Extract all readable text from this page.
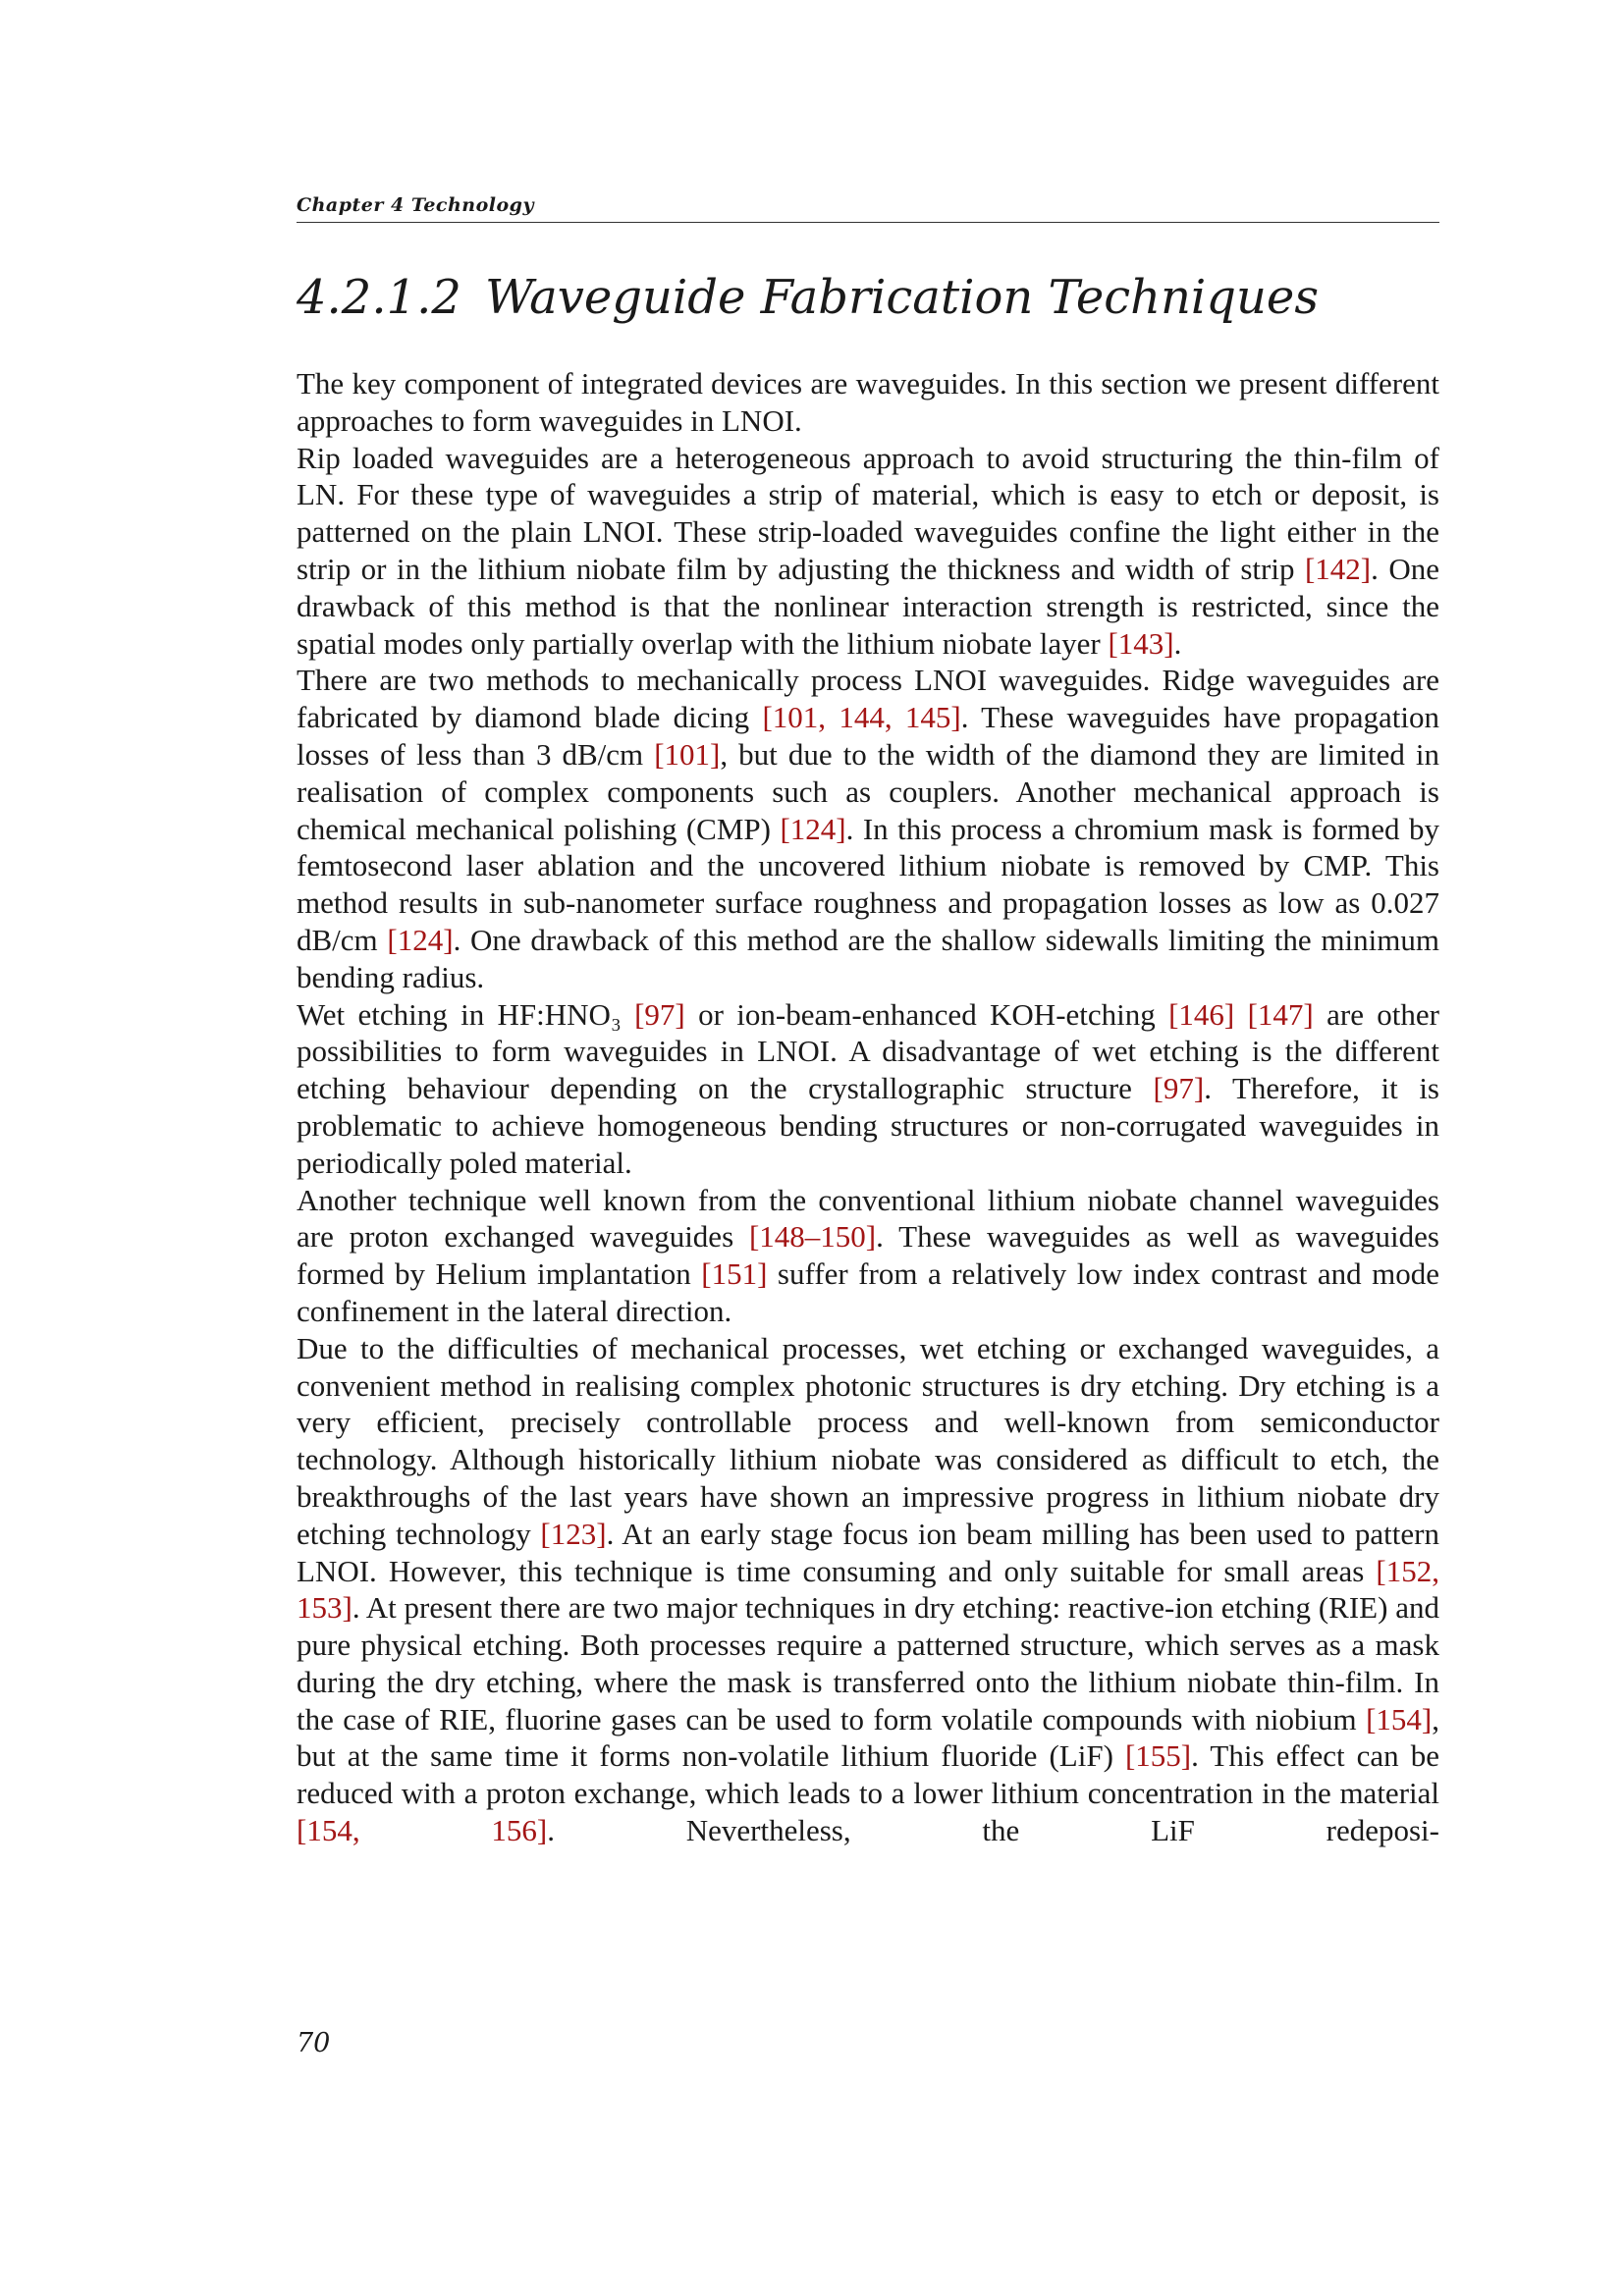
Chapter 4 Technology
4.2.1.2 Waveguide Fabrication Techniques

The key component of integrated devices are waveguides. In this section we present different approaches to form waveguides in LNOI.

Rip loaded waveguides are a heterogeneous approach to avoid structuring the thin-film of LN. For these type of waveguides a strip of material, which is easy to etch or deposit, is patterned on the plain LNOI. These strip-loaded waveguides confine the light either in the strip or in the lithium niobate film by adjusting the thickness and width of strip [142]. One drawback of this method is that the nonlinear interaction strength is restricted, since the spatial modes only partially overlap with the lithium niobate layer [143].

There are two methods to mechanically process LNOI waveguides. Ridge waveguides are fabricated by diamond blade dicing [101, 144, 145]. These waveguides have propagation losses of less than 3 dB/cm [101], but due to the width of the diamond they are limited in realisation of complex components such as couplers. Another mechanical approach is chemical mechanical polishing (CMP) [124]. In this process a chromium mask is formed by femtosecond laser ablation and the uncovered lithium niobate is removed by CMP. This method results in sub-nanometer surface roughness and propagation losses as low as 0.027 dB/cm [124]. One drawback of this method are the shallow sidewalls limiting the minimum bending radius.

Wet etching in HF:HNO₃ [97] or ion-beam-enhanced KOH-etching [146] [147] are other possibilities to form waveguides in LNOI. A disadvantage of wet etching is the different etching behaviour depending on the crystallographic structure [97]. Therefore, it is problematic to achieve homogeneous bending structures or non-corrugated waveguides in periodically poled material.

Another technique well known from the conventional lithium niobate channel waveguides are proton exchanged waveguides [148–150]. These waveguides as well as waveguides formed by Helium implantation [151] suffer from a relatively low index contrast and mode confinement in the lateral direction.

Due to the difficulties of mechanical processes, wet etching or exchanged waveguides, a convenient method in realising complex photonic structures is dry etching. Dry etching is a very efficient, precisely controllable process and well-known from semiconductor technology. Although historically lithium niobate was considered as difficult to etch, the breakthroughs of the last years have shown an impressive progress in lithium niobate dry etching technology [123]. At an early stage focus ion beam milling has been used to pattern LNOI. However, this technique is time consuming and only suitable for small areas [152, 153]. At present there are two major techniques in dry etching: reactive-ion etching (RIE) and pure physical etching. Both processes require a patterned structure, which serves as a mask during the dry etching, where the mask is transferred onto the lithium niobate thin-film. In the case of RIE, fluorine gases can be used to form volatile compounds with niobium [154], but at the same time it forms non-volatile lithium fluoride (LiF) [155]. This effect can be reduced with a proton exchange, which leads to a lower lithium concentration in the material [154, 156]. Nevertheless, the LiF redeposi-

70
